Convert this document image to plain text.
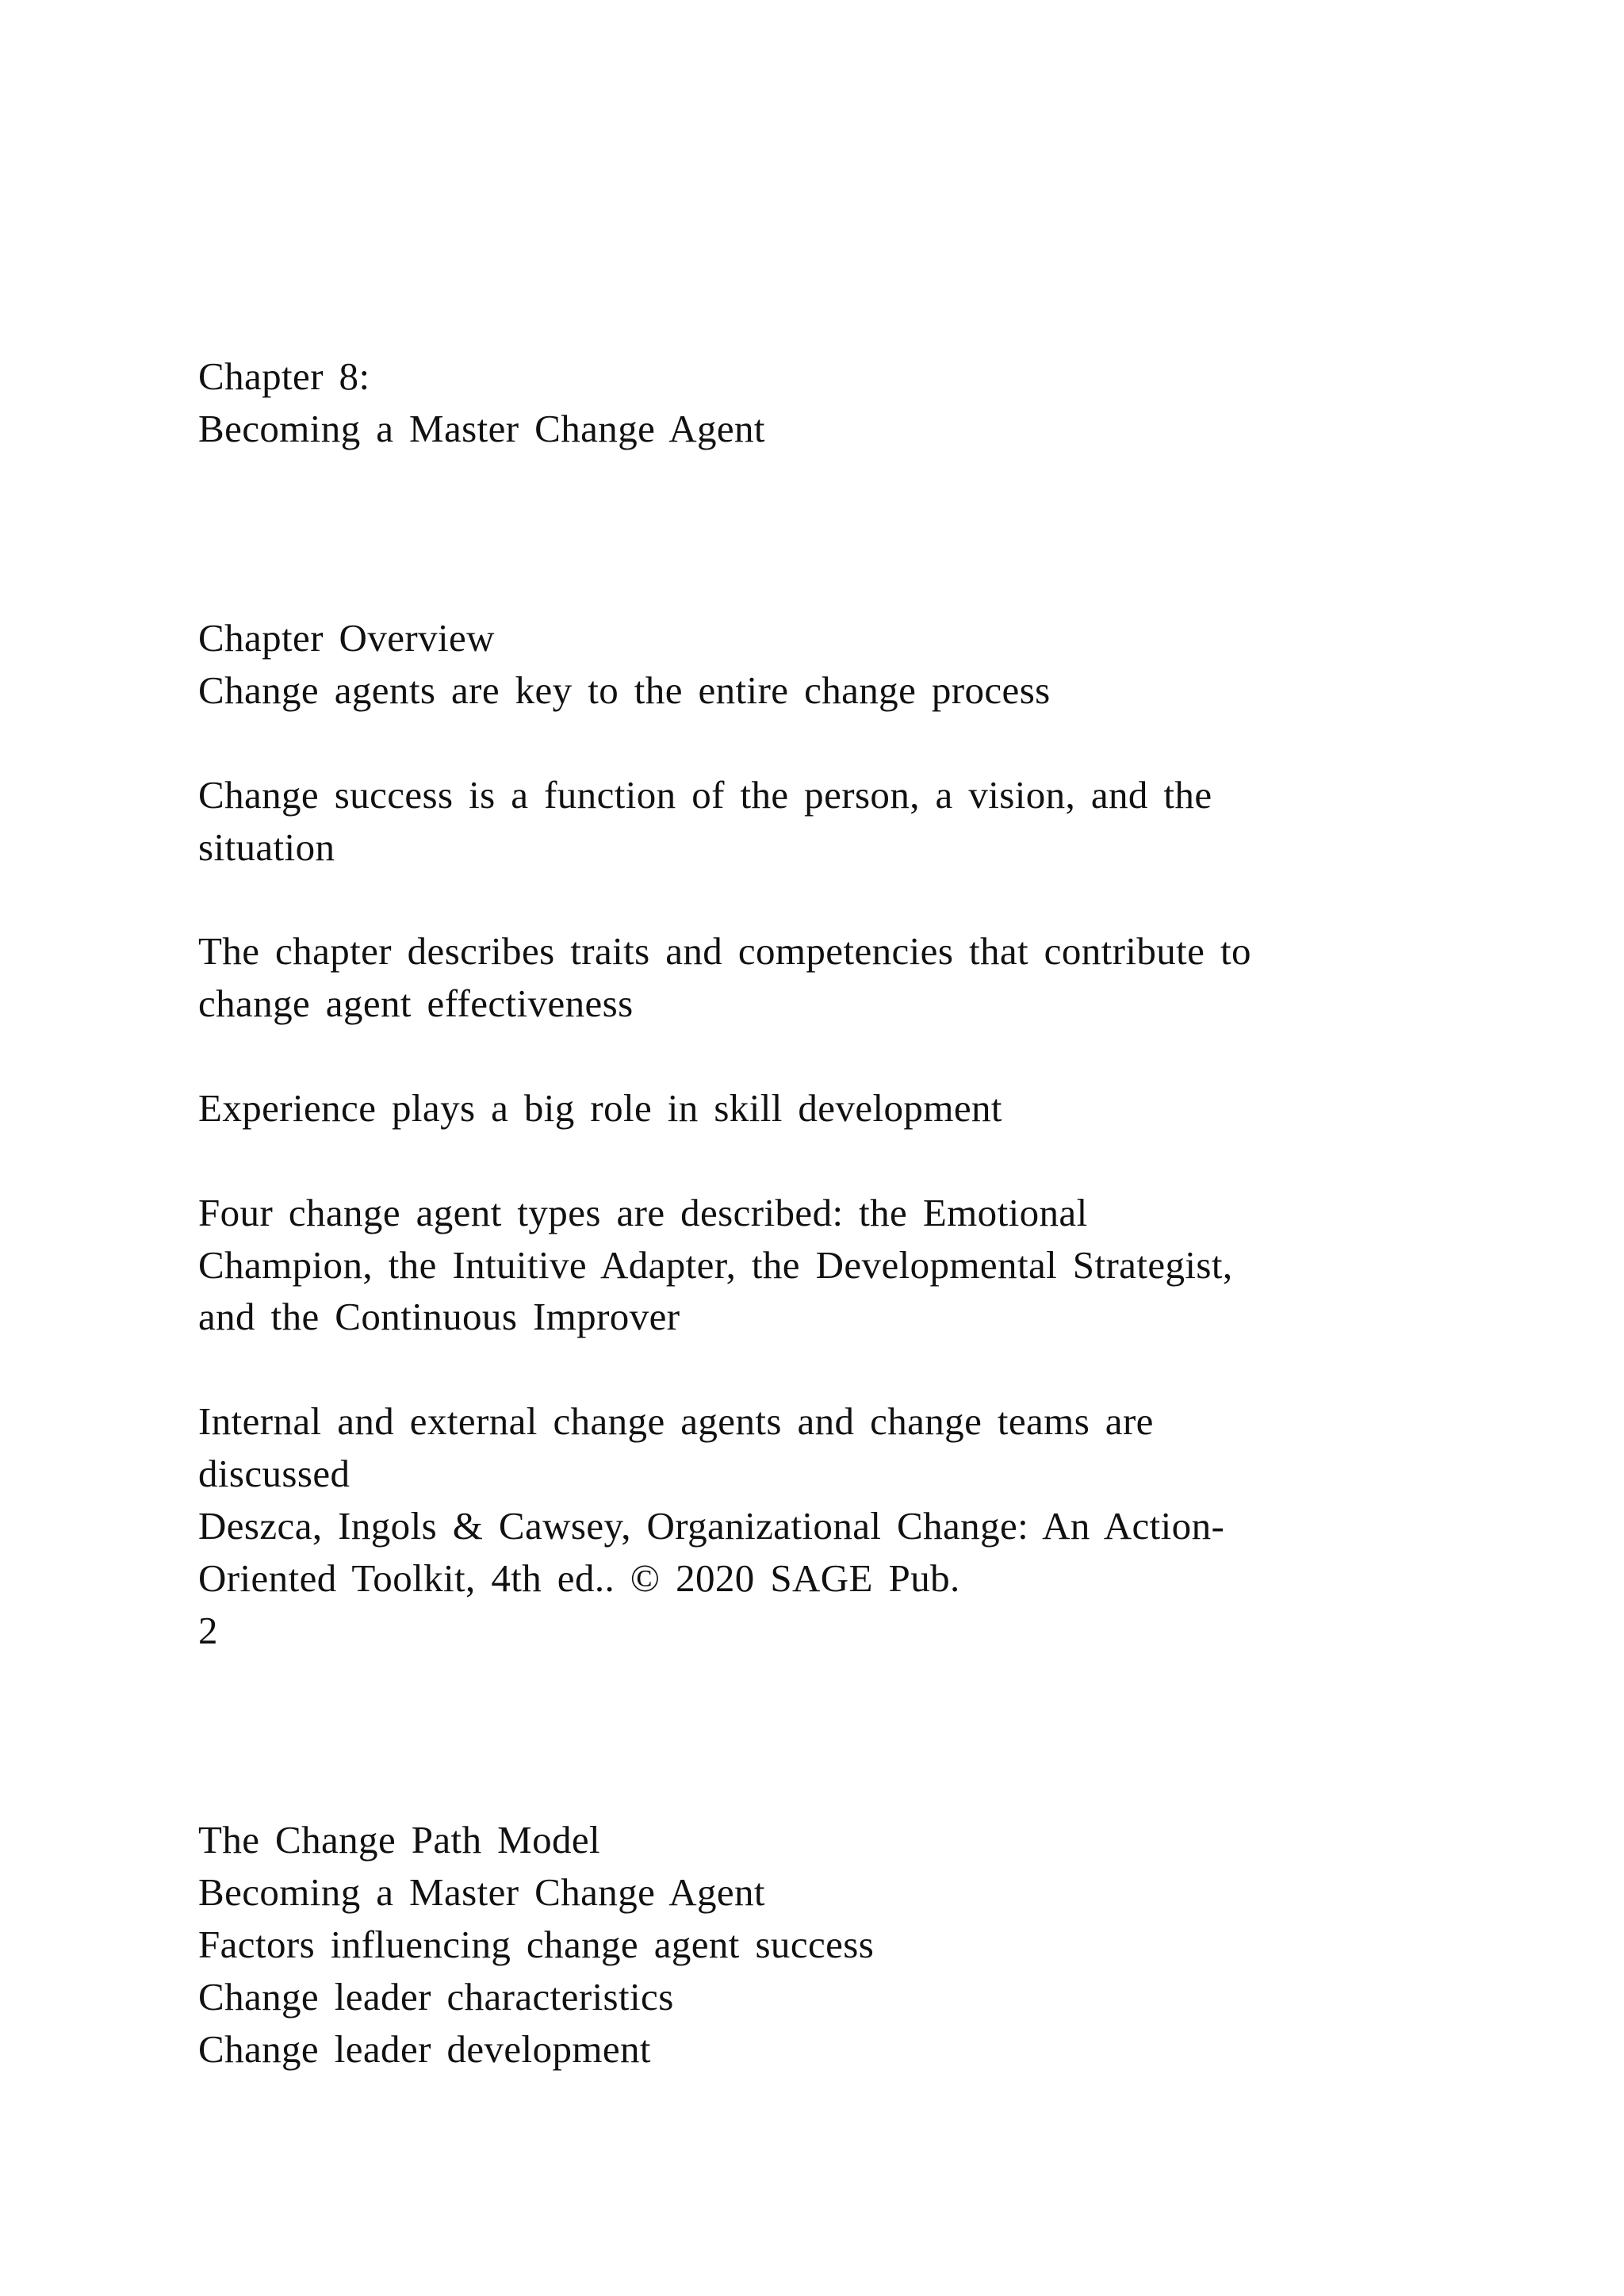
Chapter 8:

Becoming a Master Change Agent

Chapter Overview

Change agents are key to the entire change process

Change success is a function of the person, a vision, and the

situation

The chapter describes traits and competencies that contribute to

change agent effectiveness

Experience plays a big role in skill development

Four change agent types are described: the Emotional

Champion, the Intuitive Adapter, the Developmental Strategist,

and the Continuous Improver

Internal and external change agents and change teams are

discussed

Deszca, Ingols & Cawsey, Organizational Change: An Action-

Oriented Toolkit, 4th ed.. © 2020 SAGE Pub.

2

The Change Path Model

Becoming a Master Change Agent

Factors influencing change agent success

Change leader characteristics

Change leader development
